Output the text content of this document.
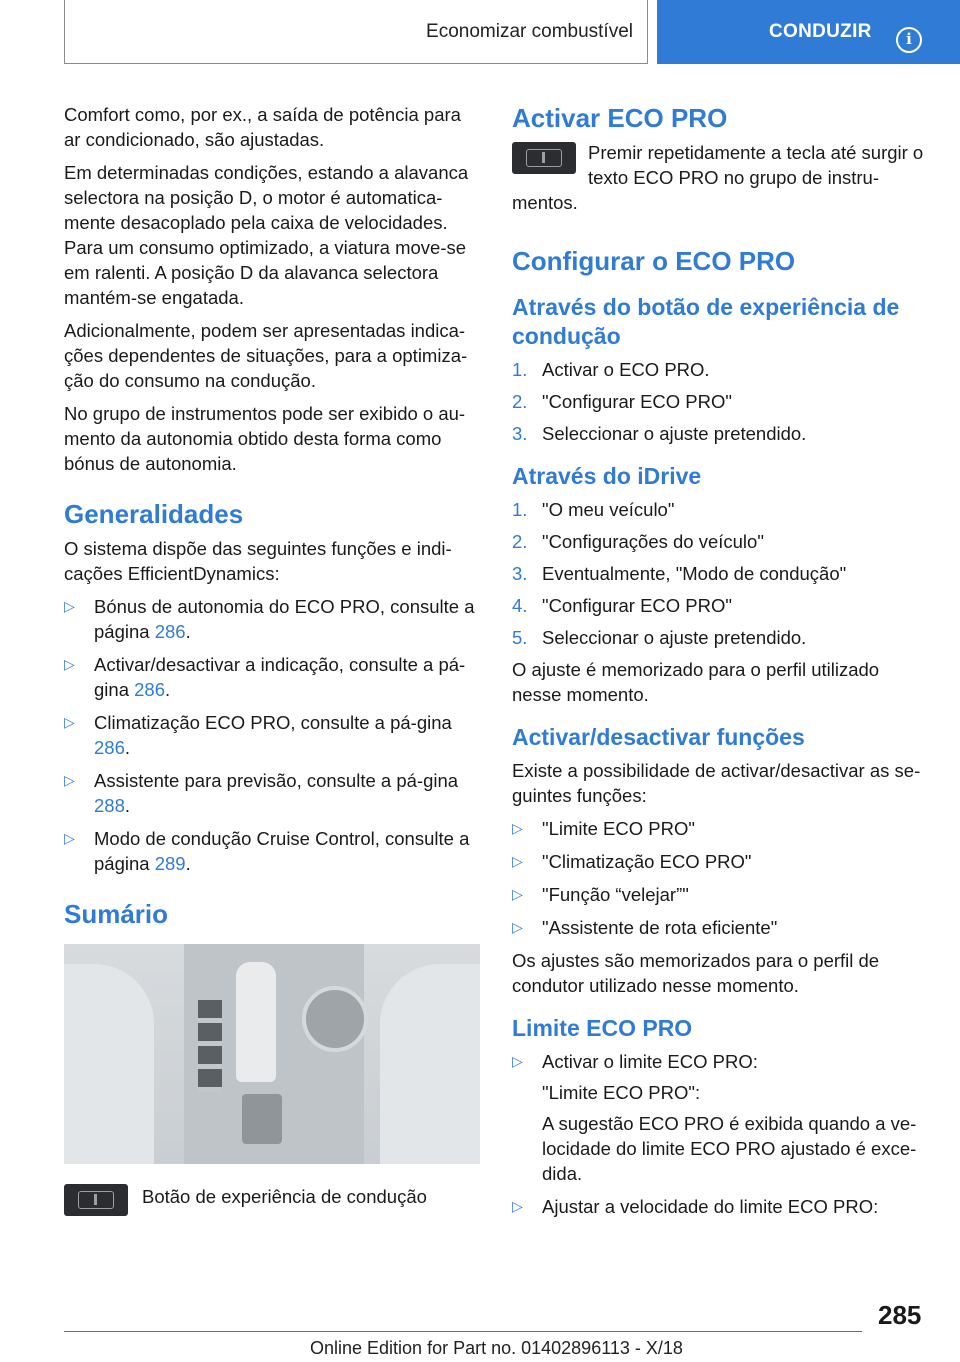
Economizar combustível	CONDUZIR	i

Comfort como, por ex., a saída de potência para ar condicionado, são ajustadas.

Em determinadas condições, estando a alavanca selectora na posição D, o motor é automatica‐mente desacoplado pela caixa de velocidades. Para um consumo optimizado, a viatura move-se em ralenti. A posição D da alavanca selectora mantém-se engatada.

Adicionalmente, podem ser apresentadas indica‐ções dependentes de situações, para a optimiza‐ção do consumo na condução.

No grupo de instrumentos pode ser exibido o au‐mento da autonomia obtido desta forma como bónus de autonomia.

Generalidades

O sistema dispõe das seguintes funções e indi‐cações EfficientDynamics:

▷ Bónus de autonomia do ECO PRO, consulte a página 286.
▷ Activar/desactivar a indicação, consulte a pá‐gina 286.
▷ Climatização ECO PRO, consulte a pá‐gina 286.
▷ Assistente para previsão, consulte a pá‐gina 288.
▷ Modo de condução Cruise Control, consulte a página 289.
Sumário
Botão de experiência de condução
Activar ECO PRO

Premir repetidamente a tecla até surgir o texto ECO PRO no grupo de instru‐mentos.

Configurar o ECO PRO
Através do botão de experiência de condução
1. Activar o ECO PRO.
2. "Configurar ECO PRO"
3. Seleccionar o ajuste pretendido.
Através do iDrive
1. "O meu veículo"
2. "Configurações do veículo"
3. Eventualmente, "Modo de condução"
4. "Configurar ECO PRO"
5. Seleccionar o ajuste pretendido.

O ajuste é memorizado para o perfil utilizado nesse momento.

Activar/desactivar funções

Existe a possibilidade de activar/desactivar as se‐guintes funções:

▷ "Limite ECO PRO"
▷ "Climatização ECO PRO"
▷ "Função “velejar”"
▷ "Assistente de rota eficiente"

Os ajustes são memorizados para o perfil de condutor utilizado nesse momento.

Limite ECO PRO
▷ Activar o limite ECO PRO:
"Limite ECO PRO":
A sugestão ECO PRO é exibida quando a ve‐locidade do limite ECO PRO ajustado é exce‐dida.
▷ Ajustar a velocidade do limite ECO PRO:
285
Online Edition for Part no. 01402896113 - X/18
